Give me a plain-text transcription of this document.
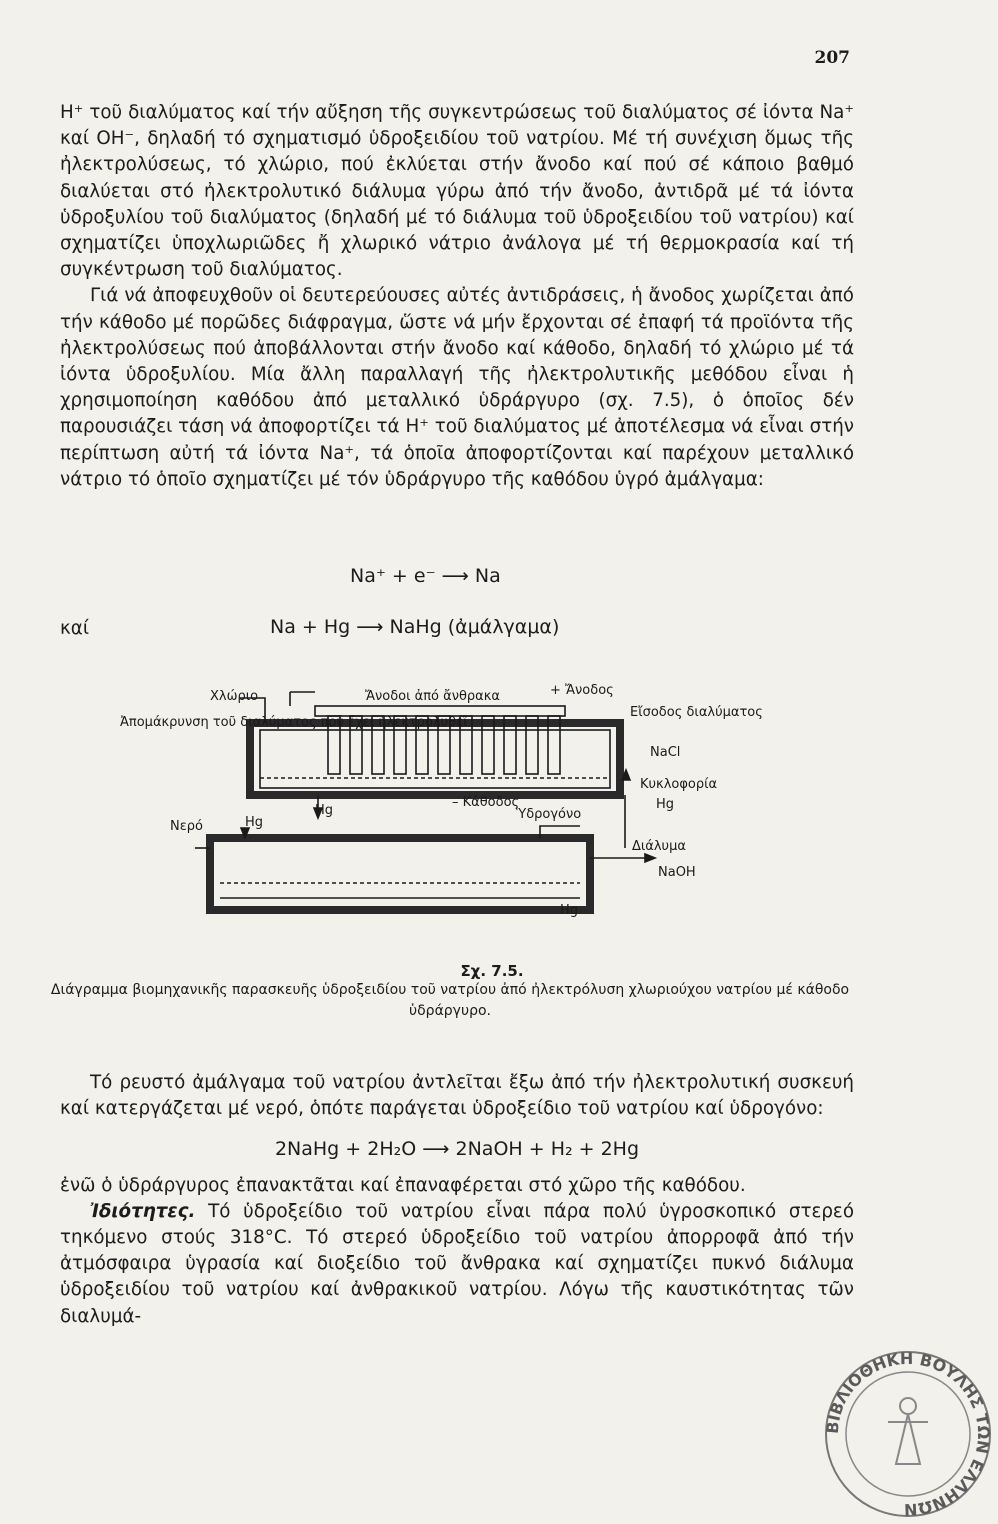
207

H⁺ τοῦ διαλύματος καί τήν αὔξηση τῆς συγκεντρώσεως τοῦ διαλύματος σέ ἰόντα Na⁺ καί OH⁻, δηλαδή τό σχηματισμό ὑδροξειδίου τοῦ νατρίου. Μέ τή συνέχιση ὅμως τῆς ἠλεκτρολύσεως, τό χλώριο, πού ἐκλύεται στήν ἄνοδο καί πού σέ κάποιο βαθμό διαλύεται στό ἠλεκτρολυτικό διάλυμα γύρω ἀπό τήν ἄνοδο, ἀντιδρᾶ μέ τά ἰόντα ὑδροξυλίου τοῦ διαλύματος (δηλαδή μέ τό διάλυμα τοῦ ὑδροξειδίου τοῦ νατρίου) καί σχηματίζει ὑποχλωριῶδες ἤ χλωρικό νάτριο ἀνάλογα μέ τή θερμοκρασία καί τή συγκέντρωση τοῦ διαλύματος.

Γιά νά ἀποφευχθοῦν οἱ δευτερεύουσες αὐτές ἀντιδράσεις, ἡ ἄνοδος χωρίζεται ἀπό τήν κάθοδο μέ πορῶδες διάφραγμα, ὥστε νά μήν ἔρχονται σέ ἐπαφή τά προϊόντα τῆς ἠλεκτρολύσεως πού ἀποβάλλονται στήν ἄνοδο καί κάθοδο, δηλαδή τό χλώριο μέ τά ἰόντα ὑδροξυλίου. Μία ἄλλη παραλλαγή τῆς ἠλεκτρολυτικῆς μεθόδου εἶναι ἡ χρησιμοποίηση καθόδου ἀπό μεταλλικό ὑδράργυρο (σχ. 7.5), ὁ ὁποῖος δέν παρουσιάζει τάση νά ἀποφορτίζει τά H⁺ τοῦ διαλύματος μέ ἀποτέλεσμα νά εἶναι στήν περίπτωση αὐτή τά ἰόντα Na⁺, τά ὁποῖα ἀποφορτίζονται καί παρέχουν μεταλλικό νάτριο τό ὁποῖο σχηματίζει μέ τόν ὑδράργυρο τῆς καθόδου ὑγρό ἀμάλγαμα:

Na⁺ + e⁻ ⟶ Na
καί	Na + Hg ⟶ NaHg (ἀμάλγαμα)
Χλώριο
Ἀπομάκρυνση τοῦ διαλύματος πού ἔχει ἠλεκτρολυθεῖ
Ἄνοδοι ἀπό ἄνθρακα	+ Ἄνοδος
Εἴσοδος διαλύματος
NaCl
Κυκλοφορία
Hg
Hg
– Κάθοδος
Ὑδρογόνο
Νερό	Hg
Διάλυμα
NaOH
Hg
Σχ. 7.5.
Διάγραμμα βιομηχανικῆς παρασκευῆς ὑδροξειδίου τοῦ νατρίου ἀπό ἠλεκτρόλυση χλωριούχου νατρίου μέ κάθοδο ὑδράργυρο.

Τό ρευστό ἀμάλγαμα τοῦ νατρίου ἀντλεῖται ἔξω ἀπό τήν ἠλεκτρολυτική συσκευή καί κατεργάζεται μέ νερό, ὁπότε παράγεται ὑδροξείδιο τοῦ νατρίου καί ὑδρογόνο:

2NaHg + 2H₂O ⟶ 2NaOH + H₂ + 2Hg

ἐνῶ ὁ ὑδράργυρος ἐπανακτᾶται καί ἐπαναφέρεται στό χῶρο τῆς καθόδου.

Ἰδιότητες. Τό ὑδροξείδιο τοῦ νατρίου εἶναι πάρα πολύ ὑγροσκοπικό στερεό τηκόμενο στούς 318°C. Τό στερεό ὑδροξείδιο τοῦ νατρίου ἀπορροφᾶ ἀπό τήν ἀτμόσφαιρα ὑγρασία καί διοξείδιο τοῦ ἄνθρακα καί σχηματίζει πυκνό διάλυμα ὑδροξειδίου τοῦ νατρίου καί ἀνθρακικοῦ νατρίου. Λόγω τῆς καυστικότητας τῶν διαλυμά-

ΒΙΒΛΙΟΘΗΚΗ ΒΟΥΛΗΣ ΤΩΝ ΕΛΛΗΝΩΝ
